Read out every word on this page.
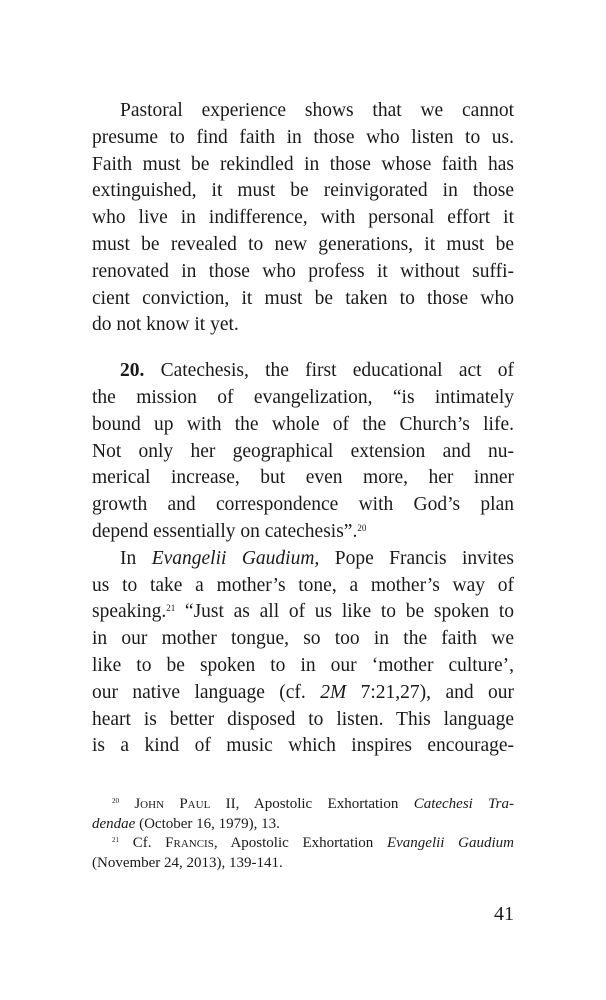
Pastoral experience shows that we cannot
presume to find faith in those who listen to us.
Faith must be rekindled in those whose faith has
extinguished, it must be reinvigorated in those
who live in indifference, with personal effort it
must be revealed to new generations, it must be
renovated in those who profess it without suffi-
cient conviction, it must be taken to those who
do not know it yet.
20. Catechesis, the first educational act of
the mission of evangelization, “is intimately
bound up with the whole of the Church’s life.
Not only her geographical extension and nu-
merical increase, but even more, her inner
growth and correspondence with God’s plan
depend essentially on catechesis”.$^{20}$
In Evangelii Gaudium, Pope Francis invites
us to take a mother’s tone, a mother’s way of
speaking.$^{21}$ “Just as all of us like to be spoken to
in our mother tongue, so too in the faith we
like to be spoken to in our ‘mother culture’,
our native language (cf. 2M 7:21,27), and our
heart is better disposed to listen. This language
is a kind of music which inspires encourage-
$^{20}$ John Paul II, Apostolic Exhortation Catechesi Tra-
dendae (October 16, 1979), 13.
$^{21}$ Cf. Francis, Apostolic Exhortation Evangelii Gaudium
(November 24, 2013), 139-141.
41
